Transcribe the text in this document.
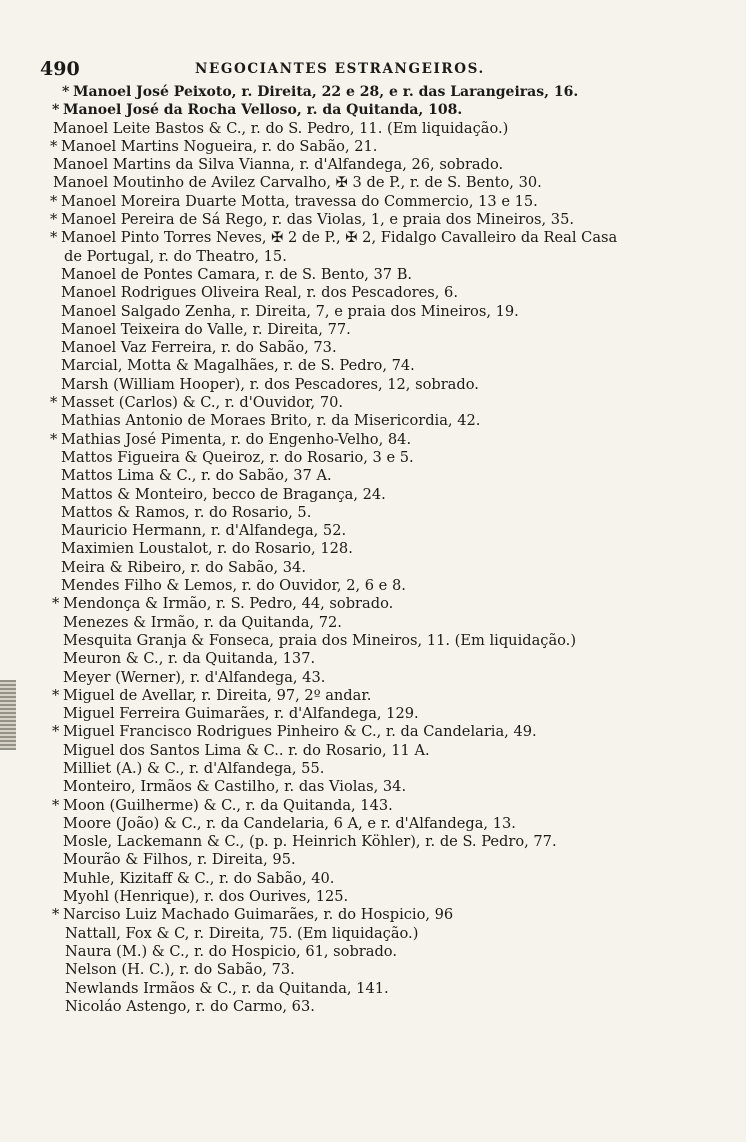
490	NEGOCIANTES ESTRANGEIROS.
* Manoel José Peixoto, r. Direita, 22 e 28, e r. das Larangeiras, 16.
* Manoel José da Rocha Velloso, r. da Quitanda, 108.
Manoel Leite Bastos & C., r. do S. Pedro, 11. (Em liquidação.)
* Manoel Martins Nogueira, r. do Sabão, 21.
Manoel Martins da Silva Vianna, r. d'Alfandega, 26, sobrado.
Manoel Moutinho de Avilez Carvalho, ✠ 3 de P., r. de S. Bento, 30.
* Manoel Moreira Duarte Motta, travessa do Commercio, 13 e 15.
* Manoel Pereira de Sá Rego, r. das Violas, 1, e praia dos Mineiros, 35.
* Manoel Pinto Torres Neves, ✠ 2 de P., ✠ 2, Fidalgo Cavalleiro da Real Casa
de Portugal, r. do Theatro, 15.
Manoel de Pontes Camara, r. de S. Bento, 37 B.
Manoel Rodrigues Oliveira Real, r. dos Pescadores, 6.
Manoel Salgado Zenha, r. Direita, 7, e praia dos Mineiros, 19.
Manoel Teixeira do Valle, r. Direita, 77.
Manoel Vaz Ferreira, r. do Sabão, 73.
Marcial, Motta & Magalhães, r. de S. Pedro, 74.
Marsh (William Hooper), r. dos Pescadores, 12, sobrado.
* Masset (Carlos) & C., r. d'Ouvidor, 70.
Mathias Antonio de Moraes Brito, r. da Misericordia, 42.
* Mathias José Pimenta, r. do Engenho-Velho, 84.
Mattos Figueira & Queiroz, r. do Rosario, 3 e 5.
Mattos Lima & C., r. do Sabão, 37 A.
Mattos & Monteiro, becco de Bragança, 24.
Mattos & Ramos, r. do Rosario, 5.
Mauricio Hermann, r. d'Alfandega, 52.
Maximien Loustalot, r. do Rosario, 128.
Meira & Ribeiro, r. do Sabão, 34.
Mendes Filho & Lemos, r. do Ouvidor, 2, 6 e 8.
* Mendonça & Irmão, r. S. Pedro, 44, sobrado.
Menezes & Irmão, r. da Quitanda, 72.
Mesquita Granja & Fonseca, praia dos Mineiros, 11. (Em liquidação.)
Meuron & C., r. da Quitanda, 137.
Meyer (Werner), r. d'Alfandega, 43.
* Miguel de Avellar, r. Direita, 97, 2º andar.
Miguel Ferreira Guimarães, r. d'Alfandega, 129.
* Miguel Francisco Rodrigues Pinheiro & C., r. da Candelaria, 49.
Miguel dos Santos Lima & C.. r. do Rosario, 11 A.
Milliet (A.) & C., r. d'Alfandega, 55.
Monteiro, Irmãos & Castilho, r. das Violas, 34.
* Moon (Guilherme) & C., r. da Quitanda, 143.
Moore (João) & C., r. da Candelaria, 6 A, e r. d'Alfandega, 13.
Mosle, Lackemann & C., (p. p. Heinrich Köhler), r. de S. Pedro, 77.
Mourão & Filhos, r. Direita, 95.
Muhle, Kizitaff & C., r. do Sabão, 40.
Myohl (Henrique), r. dos Ourives, 125.
* Narciso Luiz Machado Guimarães, r. do Hospicio, 96
Nattall, Fox & C, r. Direita, 75. (Em liquidação.)
Naura (M.) & C., r. do Hospicio, 61, sobrado.
Nelson (H. C.), r. do Sabão, 73.
Newlands Irmãos & C., r. da Quitanda, 141.
Nicoláo Astengo, r. do Carmo, 63.
